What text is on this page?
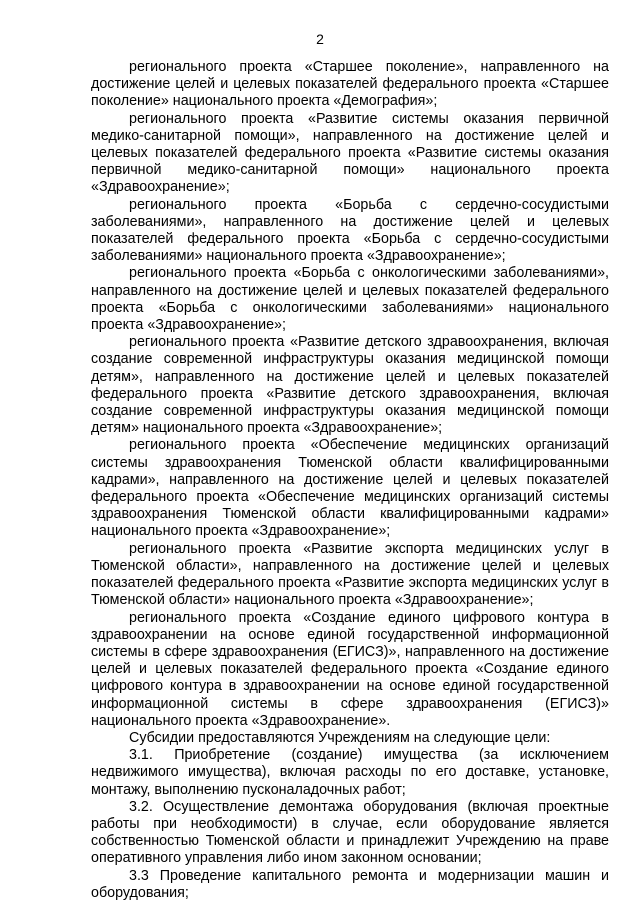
2

регионального проекта «Старшее поколение», направленного на достижение целей и целевых показателей федерального проекта «Старшее поколение» национального проекта «Демография»;

регионального проекта «Развитие системы оказания первичной медико-санитарной помощи», направленного на достижение целей и целевых показателей федерального проекта «Развитие системы оказания первичной медико-санитарной помощи» национального проекта «Здравоохранение»;

регионального проекта «Борьба с сердечно-сосудистыми заболеваниями», направленного на достижение целей и целевых показателей федерального проекта «Борьба с сердечно-сосудистыми заболеваниями» национального проекта «Здравоохранение»;

регионального проекта «Борьба с онкологическими заболеваниями», направленного на достижение целей и целевых показателей федерального проекта «Борьба с онкологическими заболеваниями» национального проекта «Здравоохранение»;

регионального проекта «Развитие детского здравоохранения, включая создание современной инфраструктуры оказания медицинской помощи детям», направленного на достижение целей и целевых показателей федерального проекта «Развитие детского здравоохранения, включая создание современной инфраструктуры оказания медицинской помощи детям» национального проекта «Здравоохранение»;

регионального проекта «Обеспечение медицинских организаций системы здравоохранения Тюменской области квалифицированными кадрами», направленного на достижение целей и целевых показателей федерального проекта «Обеспечение медицинских организаций системы здравоохранения Тюменской области квалифицированными кадрами» национального проекта «Здравоохранение»;

регионального проекта «Развитие экспорта медицинских услуг в Тюменской области», направленного на достижение целей и целевых показателей федерального проекта «Развитие экспорта медицинских услуг в Тюменской области» национального проекта «Здравоохранение»;

регионального проекта «Создание единого цифрового контура в здравоохранении на основе единой государственной информационной системы в сфере здравоохранения (ЕГИСЗ)», направленного на достижение целей и целевых показателей федерального проекта «Создание единого цифрового контура в здравоохранении на основе единой государственной информационной системы в сфере здравоохранения (ЕГИСЗ)» национального проекта «Здравоохранение».

Субсидии предоставляются Учреждениям на следующие цели:

3.1. Приобретение (создание) имущества (за исключением недвижимого имущества), включая расходы по его доставке, установке, монтажу, выполнению пусконаладочных работ;

3.2. Осуществление демонтажа оборудования (включая проектные работы при необходимости) в случае, если оборудование является собственностью Тюменской области и принадлежит Учреждению на праве оперативного управления либо ином законном основании;

3.3 Проведение капитального ремонта и модернизации машин и оборудования;
